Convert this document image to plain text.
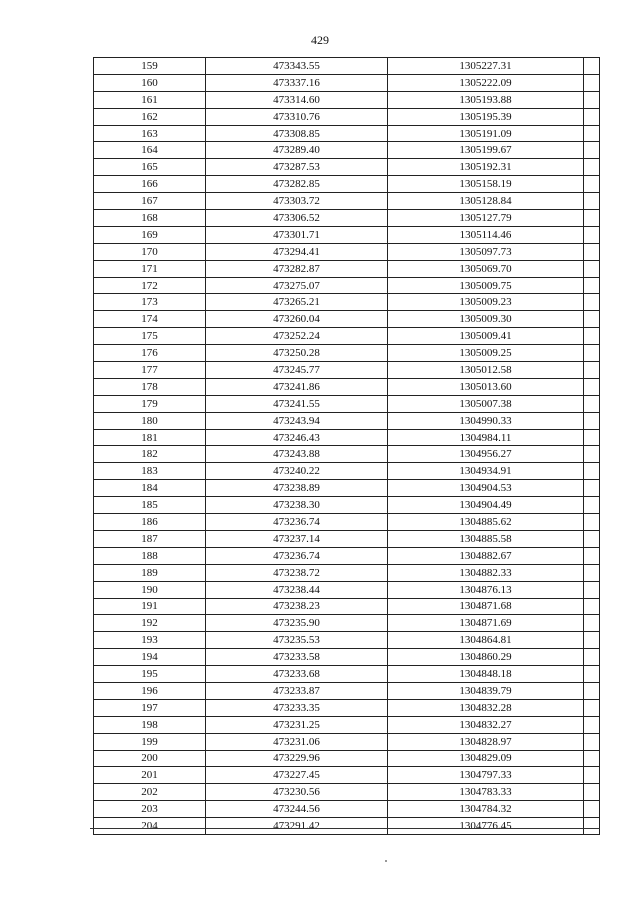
429
159	473343.55	1305227.31	
160	473337.16	1305222.09	
161	473314.60	1305193.88	
162	473310.76	1305195.39	
163	473308.85	1305191.09	
164	473289.40	1305199.67	
165	473287.53	1305192.31	
166	473282.85	1305158.19	
167	473303.72	1305128.84	
168	473306.52	1305127.79	
169	473301.71	1305114.46	
170	473294.41	1305097.73	
171	473282.87	1305069.70	
172	473275.07	1305009.75	
173	473265.21	1305009.23	
174	473260.04	1305009.30	
175	473252.24	1305009.41	
176	473250.28	1305009.25	
177	473245.77	1305012.58	
178	473241.86	1305013.60	
179	473241.55	1305007.38	
180	473243.94	1304990.33	
181	473246.43	1304984.11	
182	473243.88	1304956.27	
183	473240.22	1304934.91	
184	473238.89	1304904.53	
185	473238.30	1304904.49	
186	473236.74	1304885.62	
187	473237.14	1304885.58	
188	473236.74	1304882.67	
189	473238.72	1304882.33	
190	473238.44	1304876.13	
191	473238.23	1304871.68	
192	473235.90	1304871.69	
193	473235.53	1304864.81	
194	473233.58	1304860.29	
195	473233.68	1304848.18	
196	473233.87	1304839.79	
197	473233.35	1304832.28	
198	473231.25	1304832.27	
199	473231.06	1304828.97	
200	473229.96	1304829.09	
201	473227.45	1304797.33	
202	473230.56	1304783.33	
203	473244.56	1304784.32	
204	473291.42	1304776.45	
